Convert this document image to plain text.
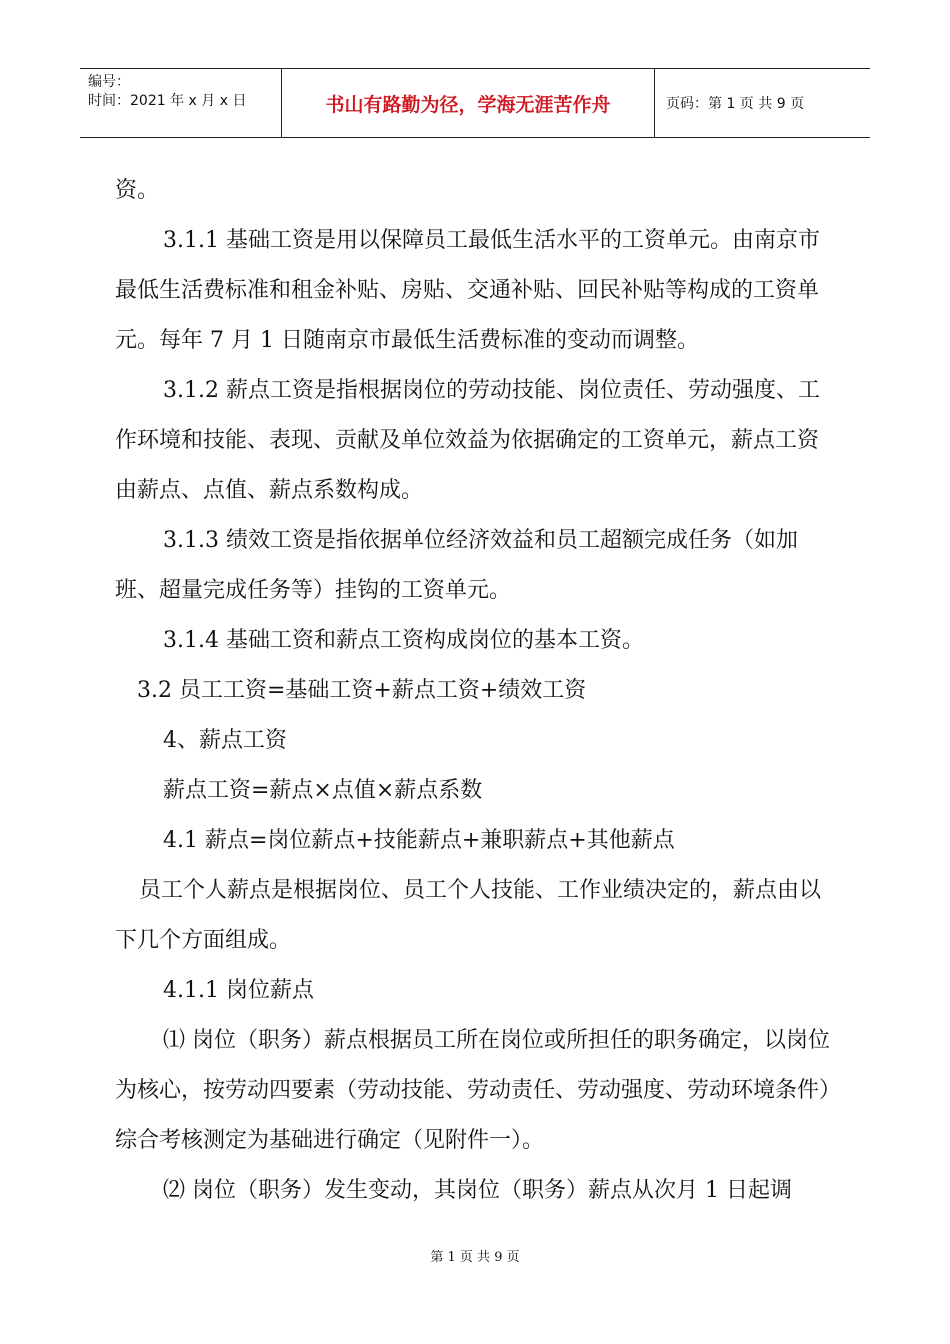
编号：
时间：2021 年 x 月 x 日	书山有路勤为径，学海无涯苦作舟	页码：第 1 页 共 9 页

资。

3.1.1 基础工资是用以保障员工最低生活水平的工资单元。由南京市最低生活费标准和租金补贴、房贴、交通补贴、回民补贴等构成的工资单元。每年 7 月 1 日随南京市最低生活费标准的变动而调整。

3.1.2 薪点工资是指根据岗位的劳动技能、岗位责任、劳动强度、工作环境和技能、表现、贡献及单位效益为依据确定的工资单元，薪点工资由薪点、点值、薪点系数构成。

3.1.3 绩效工资是指依据单位经济效益和员工超额完成任务（如加班、超量完成任务等）挂钩的工资单元。

3.1.4 基础工资和薪点工资构成岗位的基本工资。

3.2 员工工资=基础工资+薪点工资+绩效工资

4、薪点工资

薪点工资=薪点×点值×薪点系数

4.1 薪点=岗位薪点+技能薪点+兼职薪点+其他薪点

员工个人薪点是根据岗位、员工个人技能、工作业绩决定的，薪点由以下几个方面组成。

4.1.1 岗位薪点

⑴ 岗位（职务）薪点根据员工所在岗位或所担任的职务确定，以岗位为核心，按劳动四要素（劳动技能、劳动责任、劳动强度、劳动环境条件）综合考核测定为基础进行确定（见附件一）。

⑵ 岗位（职务）发生变动，其岗位（职务）薪点从次月 1 日起调

第 1 页 共 9 页
